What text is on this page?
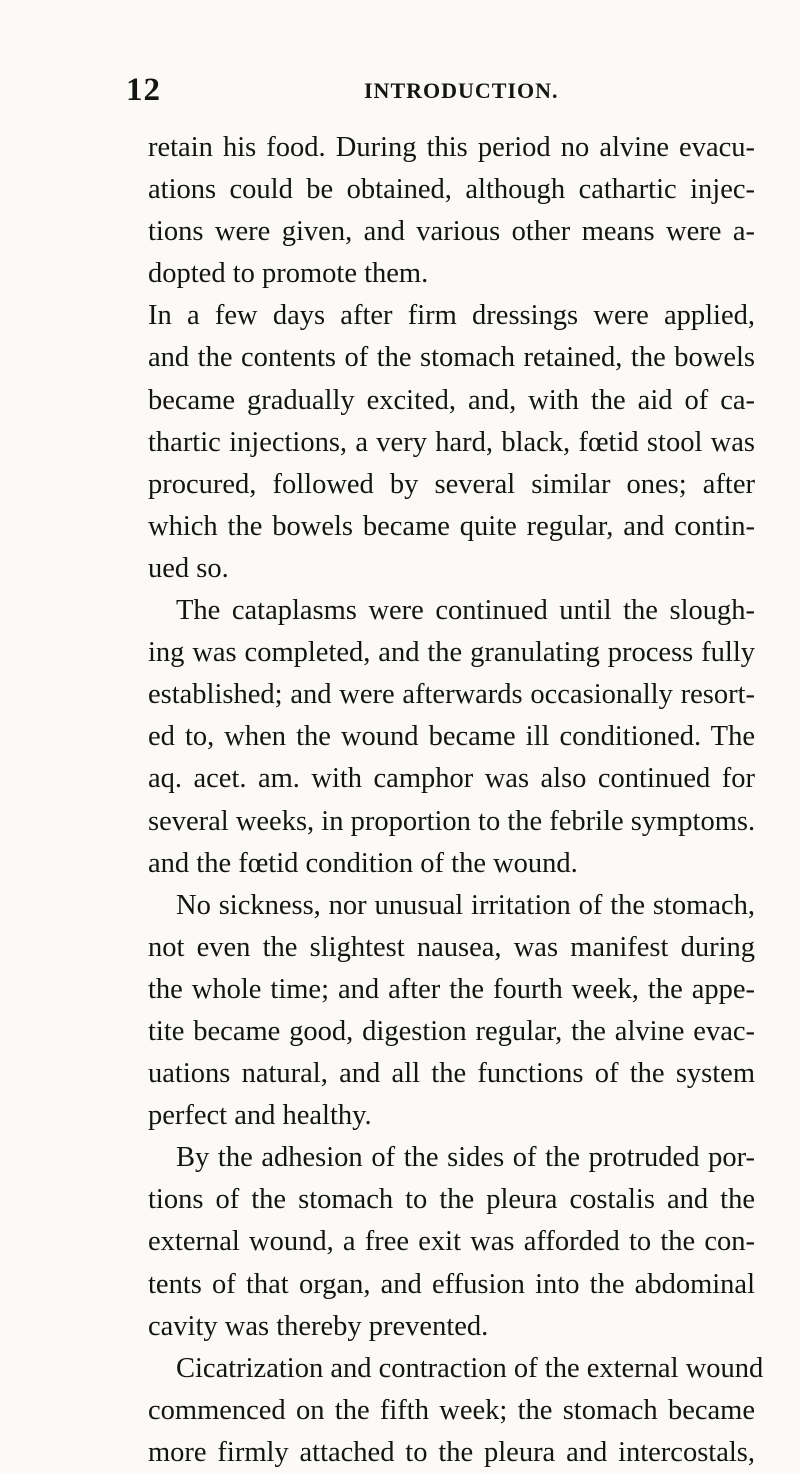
12	INTRODUCTION.
retain his food. During this period no alvine evacu-
ations could be obtained, although cathartic injec-
tions were given, and various other means were a-
dopted to promote them.
In a few days after firm dressings were applied,
and the contents of the stomach retained, the bowels
became gradually excited, and, with the aid of ca-
thartic injections, a very hard, black, fœtid stool was
procured, followed by several similar ones; after
which the bowels became quite regular, and contin-
ued so.
The cataplasms were continued until the slough-
ing was completed, and the granulating process fully
established; and were afterwards occasionally resort-
ed to, when the wound became ill conditioned. The
aq. acet. am. with camphor was also continued for
several weeks, in proportion to the febrile symptoms.
and the fœtid condition of the wound.
No sickness, nor unusual irritation of the stomach,
not even the slightest nausea, was manifest during
the whole time; and after the fourth week, the appe-
tite became good, digestion regular, the alvine evac-
uations natural, and all the functions of the system
perfect and healthy.
By the adhesion of the sides of the protruded por-
tions of the stomach to the pleura costalis and the
external wound, a free exit was afforded to the con-
tents of that organ, and effusion into the abdominal
cavity was thereby prevented.
Cicatrization and contraction of the external wound
commenced on the fifth week; the stomach became
more firmly attached to the pleura and intercostals,
